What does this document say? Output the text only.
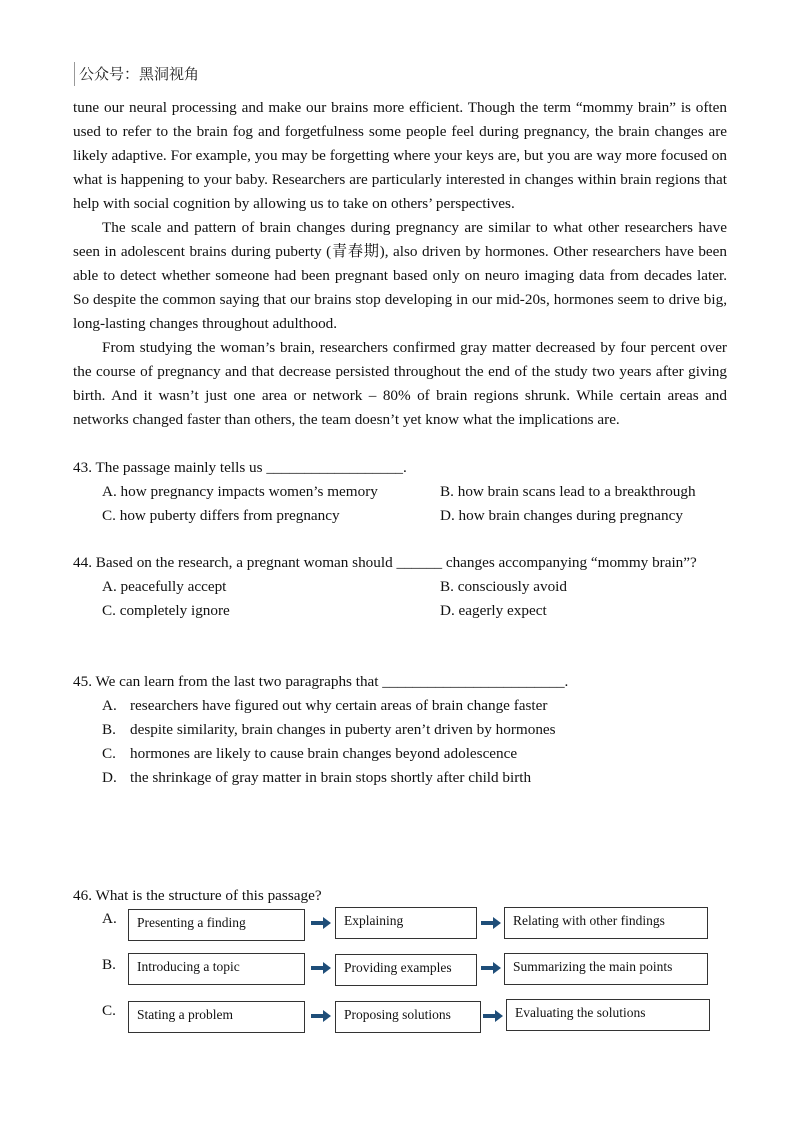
公众号：黑洞视角

tune our neural processing and make our brains more efficient. Though the term “mommy brain” is often used to refer to the brain fog and forgetfulness some people feel during pregnancy, the brain changes are likely adaptive. For example, you may be forgetting where your keys are, but you are way more focused on what is happening to your baby. Researchers are particularly interested in changes within brain regions that help with social cognition by allowing us to take on others’ perspectives.

The scale and pattern of brain changes during pregnancy are similar to what other researchers have seen in adolescent brains during puberty (青春期), also driven by hormones. Other researchers have been able to detect whether someone had been pregnant based only on neuro imaging data from decades later. So despite the common saying that our brains stop developing in our mid-20s, hormones seem to drive big, long-lasting changes throughout adulthood.

From studying the woman’s brain, researchers confirmed gray matter decreased by four percent over the course of pregnancy and that decrease persisted throughout the end of the study two years after giving birth. And it wasn’t just one area or network – 80% of brain regions shrunk. While certain areas and networks changed faster than others, the team doesn’t yet know what the implications are.

43. The passage mainly tells us __________________.
A. how pregnancy impacts women’s memory	B. how brain scans lead to a breakthrough
C. how puberty differs from pregnancy	D. how brain changes during pregnancy
44. Based on the research, a pregnant woman should ______ changes accompanying “mommy brain”?
A. peacefully accept	B. consciously avoid
C. completely ignore	D. eagerly expect
45. We can learn from the last two paragraphs that ________________________.
A. researchers have figured out why certain areas of brain change faster
B. despite similarity, brain changes in puberty aren’t driven by hormones
C. hormones are likely to cause brain changes beyond adolescence
D. the shrinkage of gray matter in brain stops shortly after child birth
46. What is the structure of this passage?
A.	Presenting a finding	Explaining	Relating with other findings
B.	Introducing a topic	Providing examples	Summarizing the main points
C.	Stating a problem	Proposing solutions	Evaluating the solutions
